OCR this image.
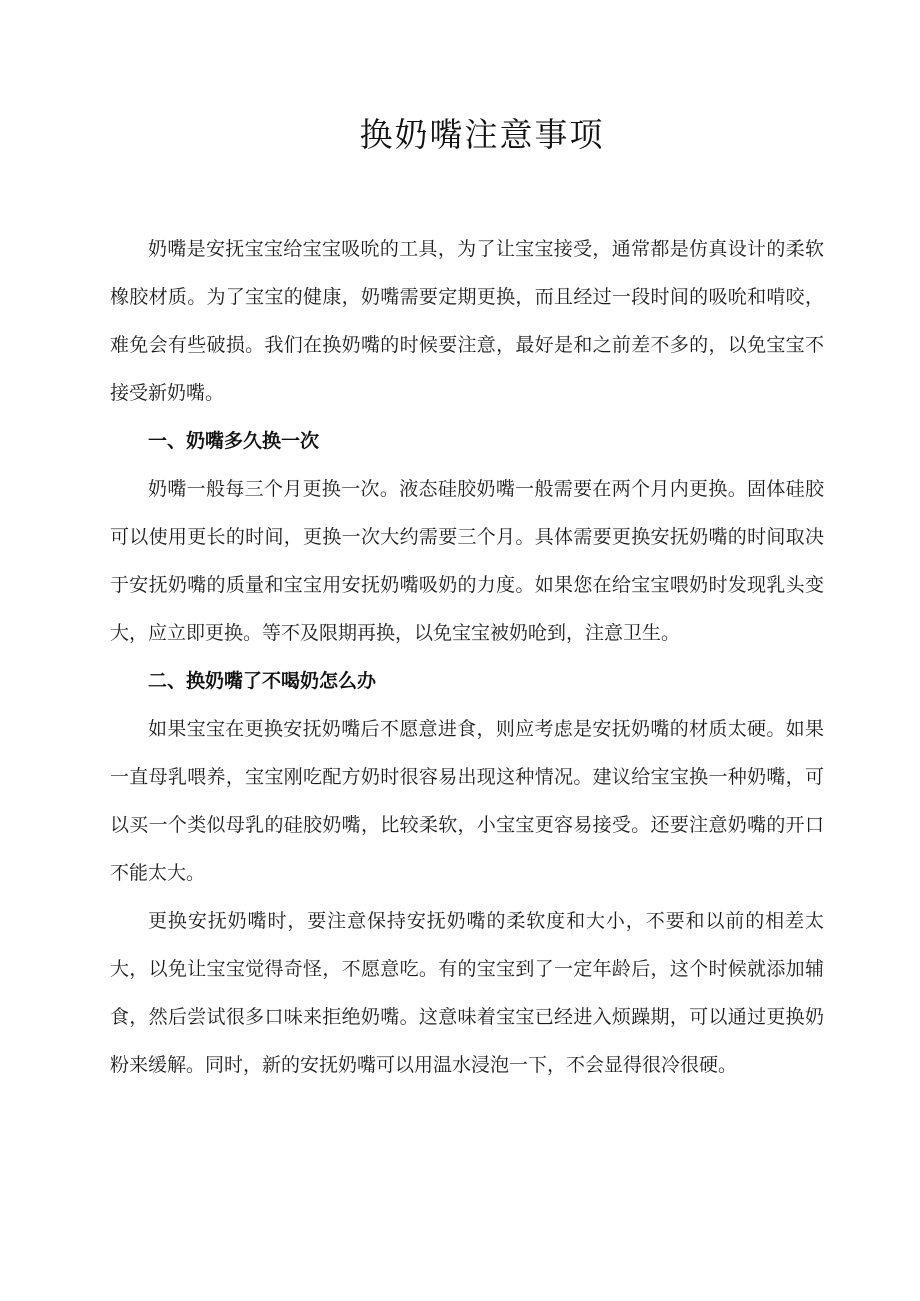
换奶嘴注意事项

奶嘴是安抚宝宝给宝宝吸吮的工具，为了让宝宝接受，通常都是仿真设计的柔软橡胶材质。为了宝宝的健康，奶嘴需要定期更换，而且经过一段时间的吸吮和啃咬，难免会有些破损。我们在换奶嘴的时候要注意，最好是和之前差不多的，以免宝宝不接受新奶嘴。

一、奶嘴多久换一次

奶嘴一般每三个月更换一次。液态硅胶奶嘴一般需要在两个月内更换。固体硅胶可以使用更长的时间，更换一次大约需要三个月。具体需要更换安抚奶嘴的时间取决于安抚奶嘴的质量和宝宝用安抚奶嘴吸奶的力度。如果您在给宝宝喂奶时发现乳头变大，应立即更换。等不及限期再换，以免宝宝被奶呛到，注意卫生。

二、换奶嘴了不喝奶怎么办

如果宝宝在更换安抚奶嘴后不愿意进食，则应考虑是安抚奶嘴的材质太硬。如果一直母乳喂养，宝宝刚吃配方奶时很容易出现这种情况。建议给宝宝换一种奶嘴，可以买一个类似母乳的硅胶奶嘴，比较柔软，小宝宝更容易接受。还要注意奶嘴的开口不能太大。

更换安抚奶嘴时，要注意保持安抚奶嘴的柔软度和大小，不要和以前的相差太大，以免让宝宝觉得奇怪，不愿意吃。有的宝宝到了一定年龄后，这个时候就添加辅食，然后尝试很多口味来拒绝奶嘴。这意味着宝宝已经进入烦躁期，可以通过更换奶粉来缓解。同时，新的安抚奶嘴可以用温水浸泡一下，不会显得很冷很硬。
